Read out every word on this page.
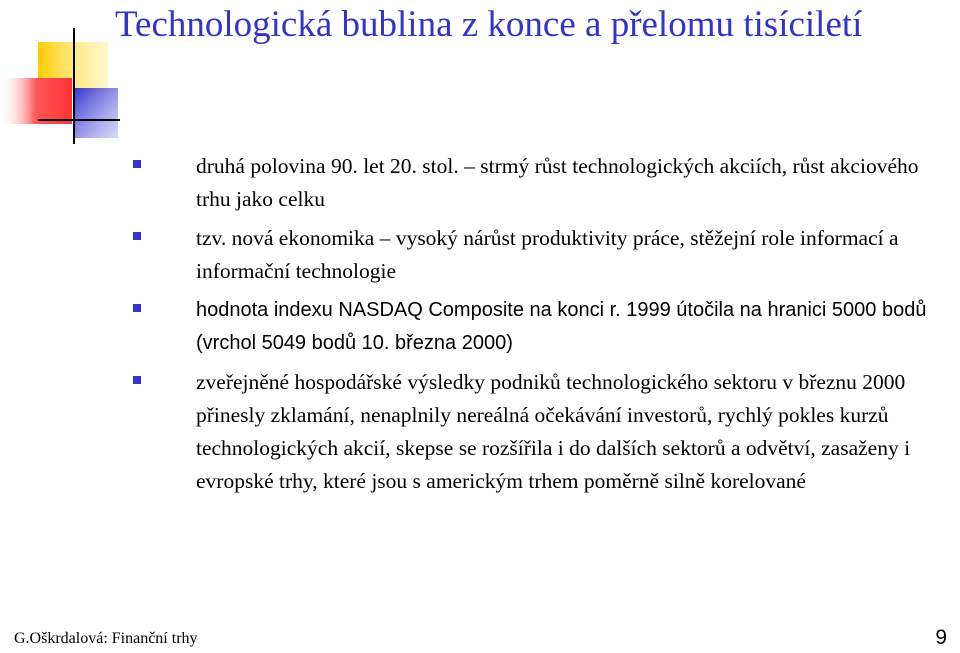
Technologická bublina z konce a přelomu tisíciletí
druhá polovina 90. let 20. stol. – strmý růst technologických akciích, růst akciového trhu jako celku
tzv. nová ekonomika – vysoký nárůst produktivity práce, stěžejní role informací a informační technologie
hodnota indexu NASDAQ Composite na konci r. 1999 útočila na hranici 5000 bodů (vrchol 5049 bodů 10. března 2000)
zveřejněné hospodářské výsledky podniků technologického sektoru v březnu 2000 přinesly zklamání, nenaplnily nereálná očekávání investorů, rychlý pokles kurzů technologických akcií, skepse se rozšířila i do dalších sektorů a odvětví, zasaženy i evropské trhy, které jsou s americkým trhem poměrně silně korelované
G.Oškrdalová: Finanční trhy	9
